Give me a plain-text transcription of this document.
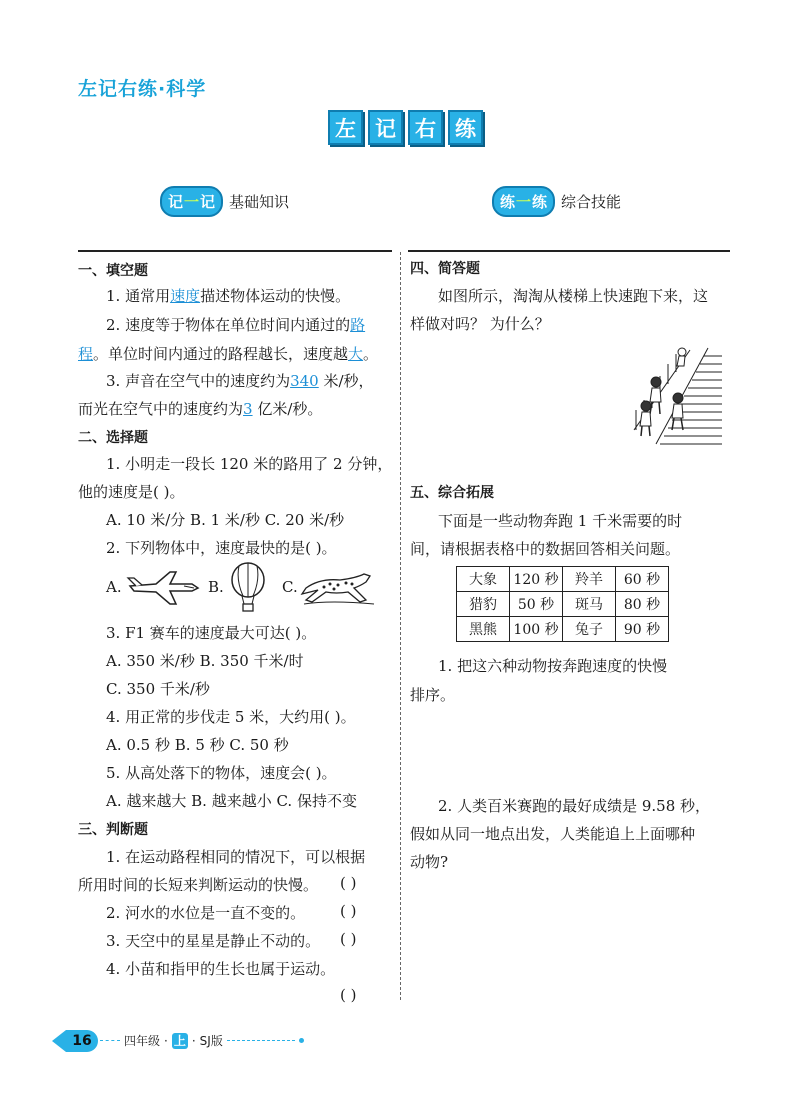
左记右练·科学
左 记 右 练
记 一 记 基础知识	练 一 练 综合技能
一、填空题
1. 通常用速度描述物体运动的快慢。
2. 速度等于物体在单位时间内通过的路
程。单位时间内通过的路程越长，速度越大。
3. 声音在空气中的速度约为340 米/秒，
而光在空气中的速度约为3 亿米/秒。
二、选择题
1. 小明走一段长 120 米的路用了 2 分钟，
他的速度是( )。
A. 10 米/分 B. 1 米/秒 C. 20 米/秒
2. 下列物体中，速度最快的是( )。
A.	B.	C.
3. F1 赛车的速度最大可达( )。
A. 350 米/秒 B. 350 千米/时
C. 350 千米/秒
4. 用正常的步伐走 5 米，大约用( )。
A. 0.5 秒 B. 5 秒 C. 50 秒
5. 从高处落下的物体，速度会( )。
A. 越来越大 B. 越来越小 C. 保持不变
三、判断题
1. 在运动路程相同的情况下，可以根据
所用时间的长短来判断运动的快慢。 ( )
2. 河水的水位是一直不变的。 ( )
3. 天空中的星星是静止不动的。 ( )
4. 小苗和指甲的生长也属于运动。
( )
四、简答题
如图所示，淘淘从楼梯上快速跑下来，这
样做对吗？ 为什么？
五、综合拓展
下面是一些动物奔跑 1 千米需要的时
间，请根据表格中的数据回答相关问题。
大象	120 秒	羚羊	60 秒
猎豹	50 秒	斑马	80 秒
黑熊	100 秒	兔子	90 秒
1. 把这六种动物按奔跑速度的快慢
排序。
2. 人类百米赛跑的最好成绩是 9.58 秒，
假如从同一地点出发，人类能追上上面哪种
动物?
16	四年级 · 上 · SJ版
